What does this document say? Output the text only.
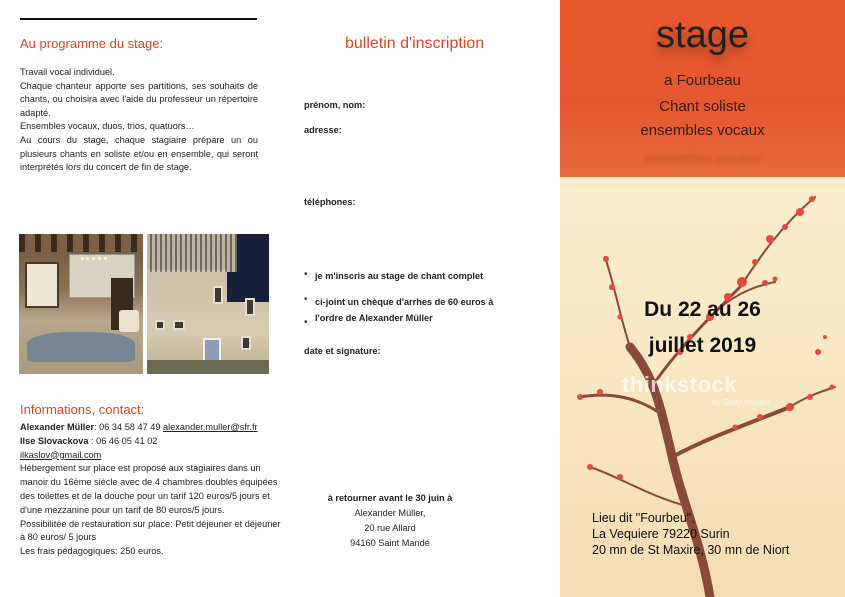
Au programme du stage:

Travail vocal individuel.

Chaque chanteur apporte ses partitions, ses souhaits de chants, ou choisira avec l'aide du professeur un répertoire adapté.

Ensembles vocaux, duos, trios, quatuors…

Au cours du stage, chaque stagiaire prépare un ou plusieurs chants en soliste et/ou en ensemble, qui seront interprétés lors du concert de fin de stage.

Informations, contact:

Alexander Müller: 06 34 58 47 49 alexander.muller@sfr.fr

Ilse Slovackova : 06 46 05 41 02

ilkaslov@gmail.com

Hébergement sur place est proposé aux stagiaires dans un manoir du 16ème siècle avec de 4 chambres doubles équipées des toilettes et de la douche pour un tarif 120 euros/5 jours et d'une mezzanine pour un tarif de 80 euros/5 jours.

Possibilitée de restauration sur place: Petit déjeuner et déjeuner à 80 euros/ 5 jours

Les frais pédagogiques: 250 euros.

bulletin d'inscription
prénom, nom:
adresse:
téléphones:
• je m'inscris au stage de chant complet
• ci-joint un chèque d'arrhes de 60 euros à
• l'ordre de Alexander Müller
date et signature:
à retourner avant le 30 juin à
Alexander Müller,
20 rue Allard
94160 Saint Mandé
stage
a Fourbeau
Chant soliste
ensembles vocaux
ensembles vocaux
Du 22 au 26
juillet 2019
thinkstock
by Getty Images
Lieu dit "Fourbeu",
La Vequiere 79220 Surin
20 mn de St Maxire, 30 mn de Niort
